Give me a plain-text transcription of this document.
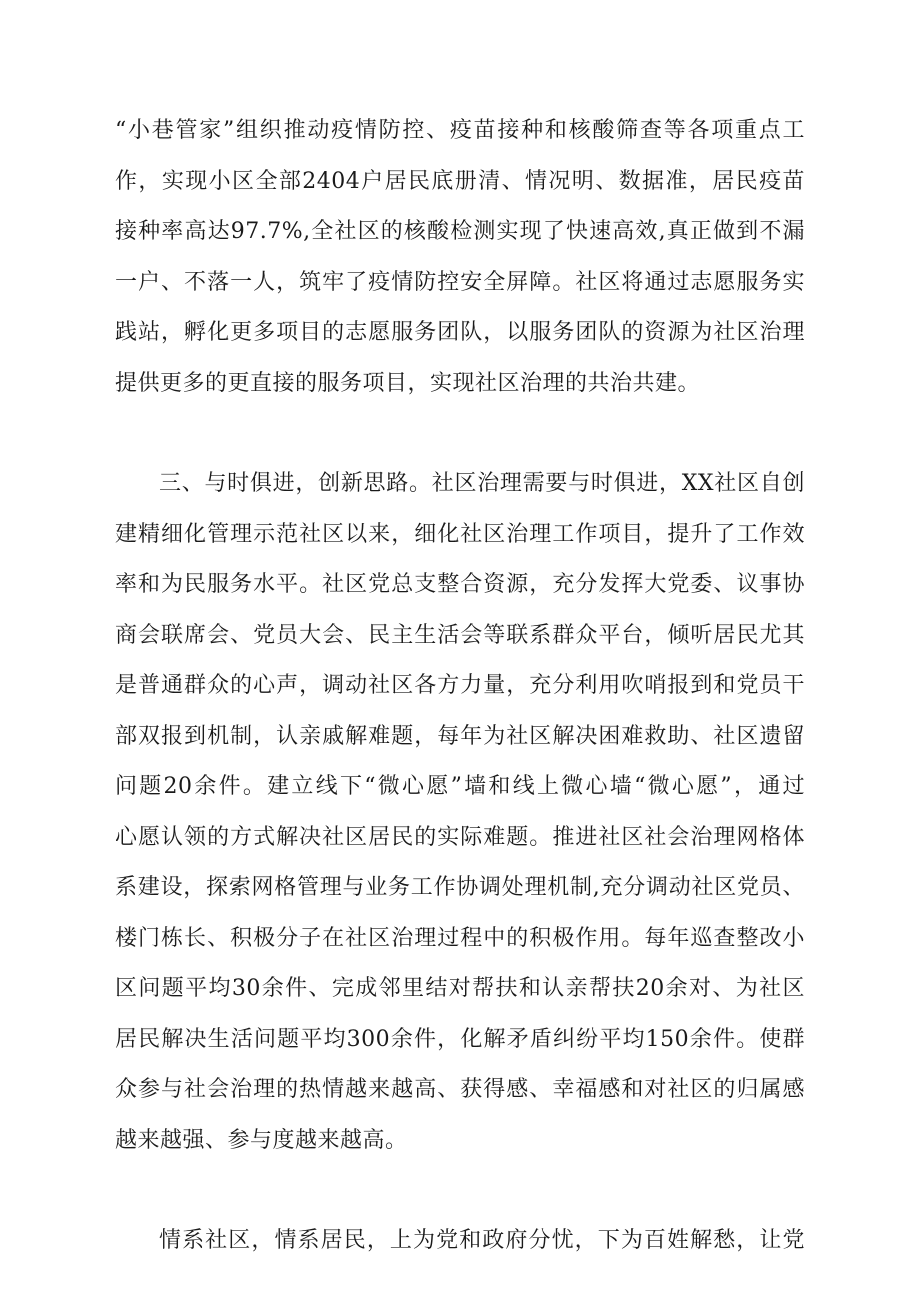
“小巷管家”组织推动疫情防控、疫苗接种和核酸筛查等各项重点工
作，实现小区全部2404户居民底册清、情况明、数据准，居民疫苗
接种率高达97.7%,全社区的核酸检测实现了快速高效,真正做到不漏
一户、不落一人，筑牢了疫情防控安全屏障。社区将通过志愿服务实
践站，孵化更多项目的志愿服务团队，以服务团队的资源为社区治理
提供更多的更直接的服务项目，实现社区治理的共治共建。
三、与时俱进，创新思路。社区治理需要与时俱进，XX社区自创
建精细化管理示范社区以来，细化社区治理工作项目，提升了工作效
率和为民服务水平。社区党总支整合资源，充分发挥大党委、议事协
商会联席会、党员大会、民主生活会等联系群众平台，倾听居民尤其
是普通群众的心声，调动社区各方力量，充分利用吹哨报到和党员干
部双报到机制，认亲戚解难题，每年为社区解决困难救助、社区遗留
问题20余件。建立线下“微心愿”墙和线上微心墙“微心愿”，通过
心愿认领的方式解决社区居民的实际难题。推进社区社会治理网格体
系建设，探索网格管理与业务工作协调处理机制,充分调动社区党员、
楼门栋长、积极分子在社区治理过程中的积极作用。每年巡查整改小
区问题平均30余件、完成邻里结对帮扶和认亲帮扶20余对、为社区
居民解决生活问题平均300余件，化解矛盾纠纷平均150余件。使群
众参与社会治理的热情越来越高、获得感、幸福感和对社区的归属感
越来越强、参与度越来越高。
情系社区，情系居民，上为党和政府分忧，下为百姓解愁，让党
